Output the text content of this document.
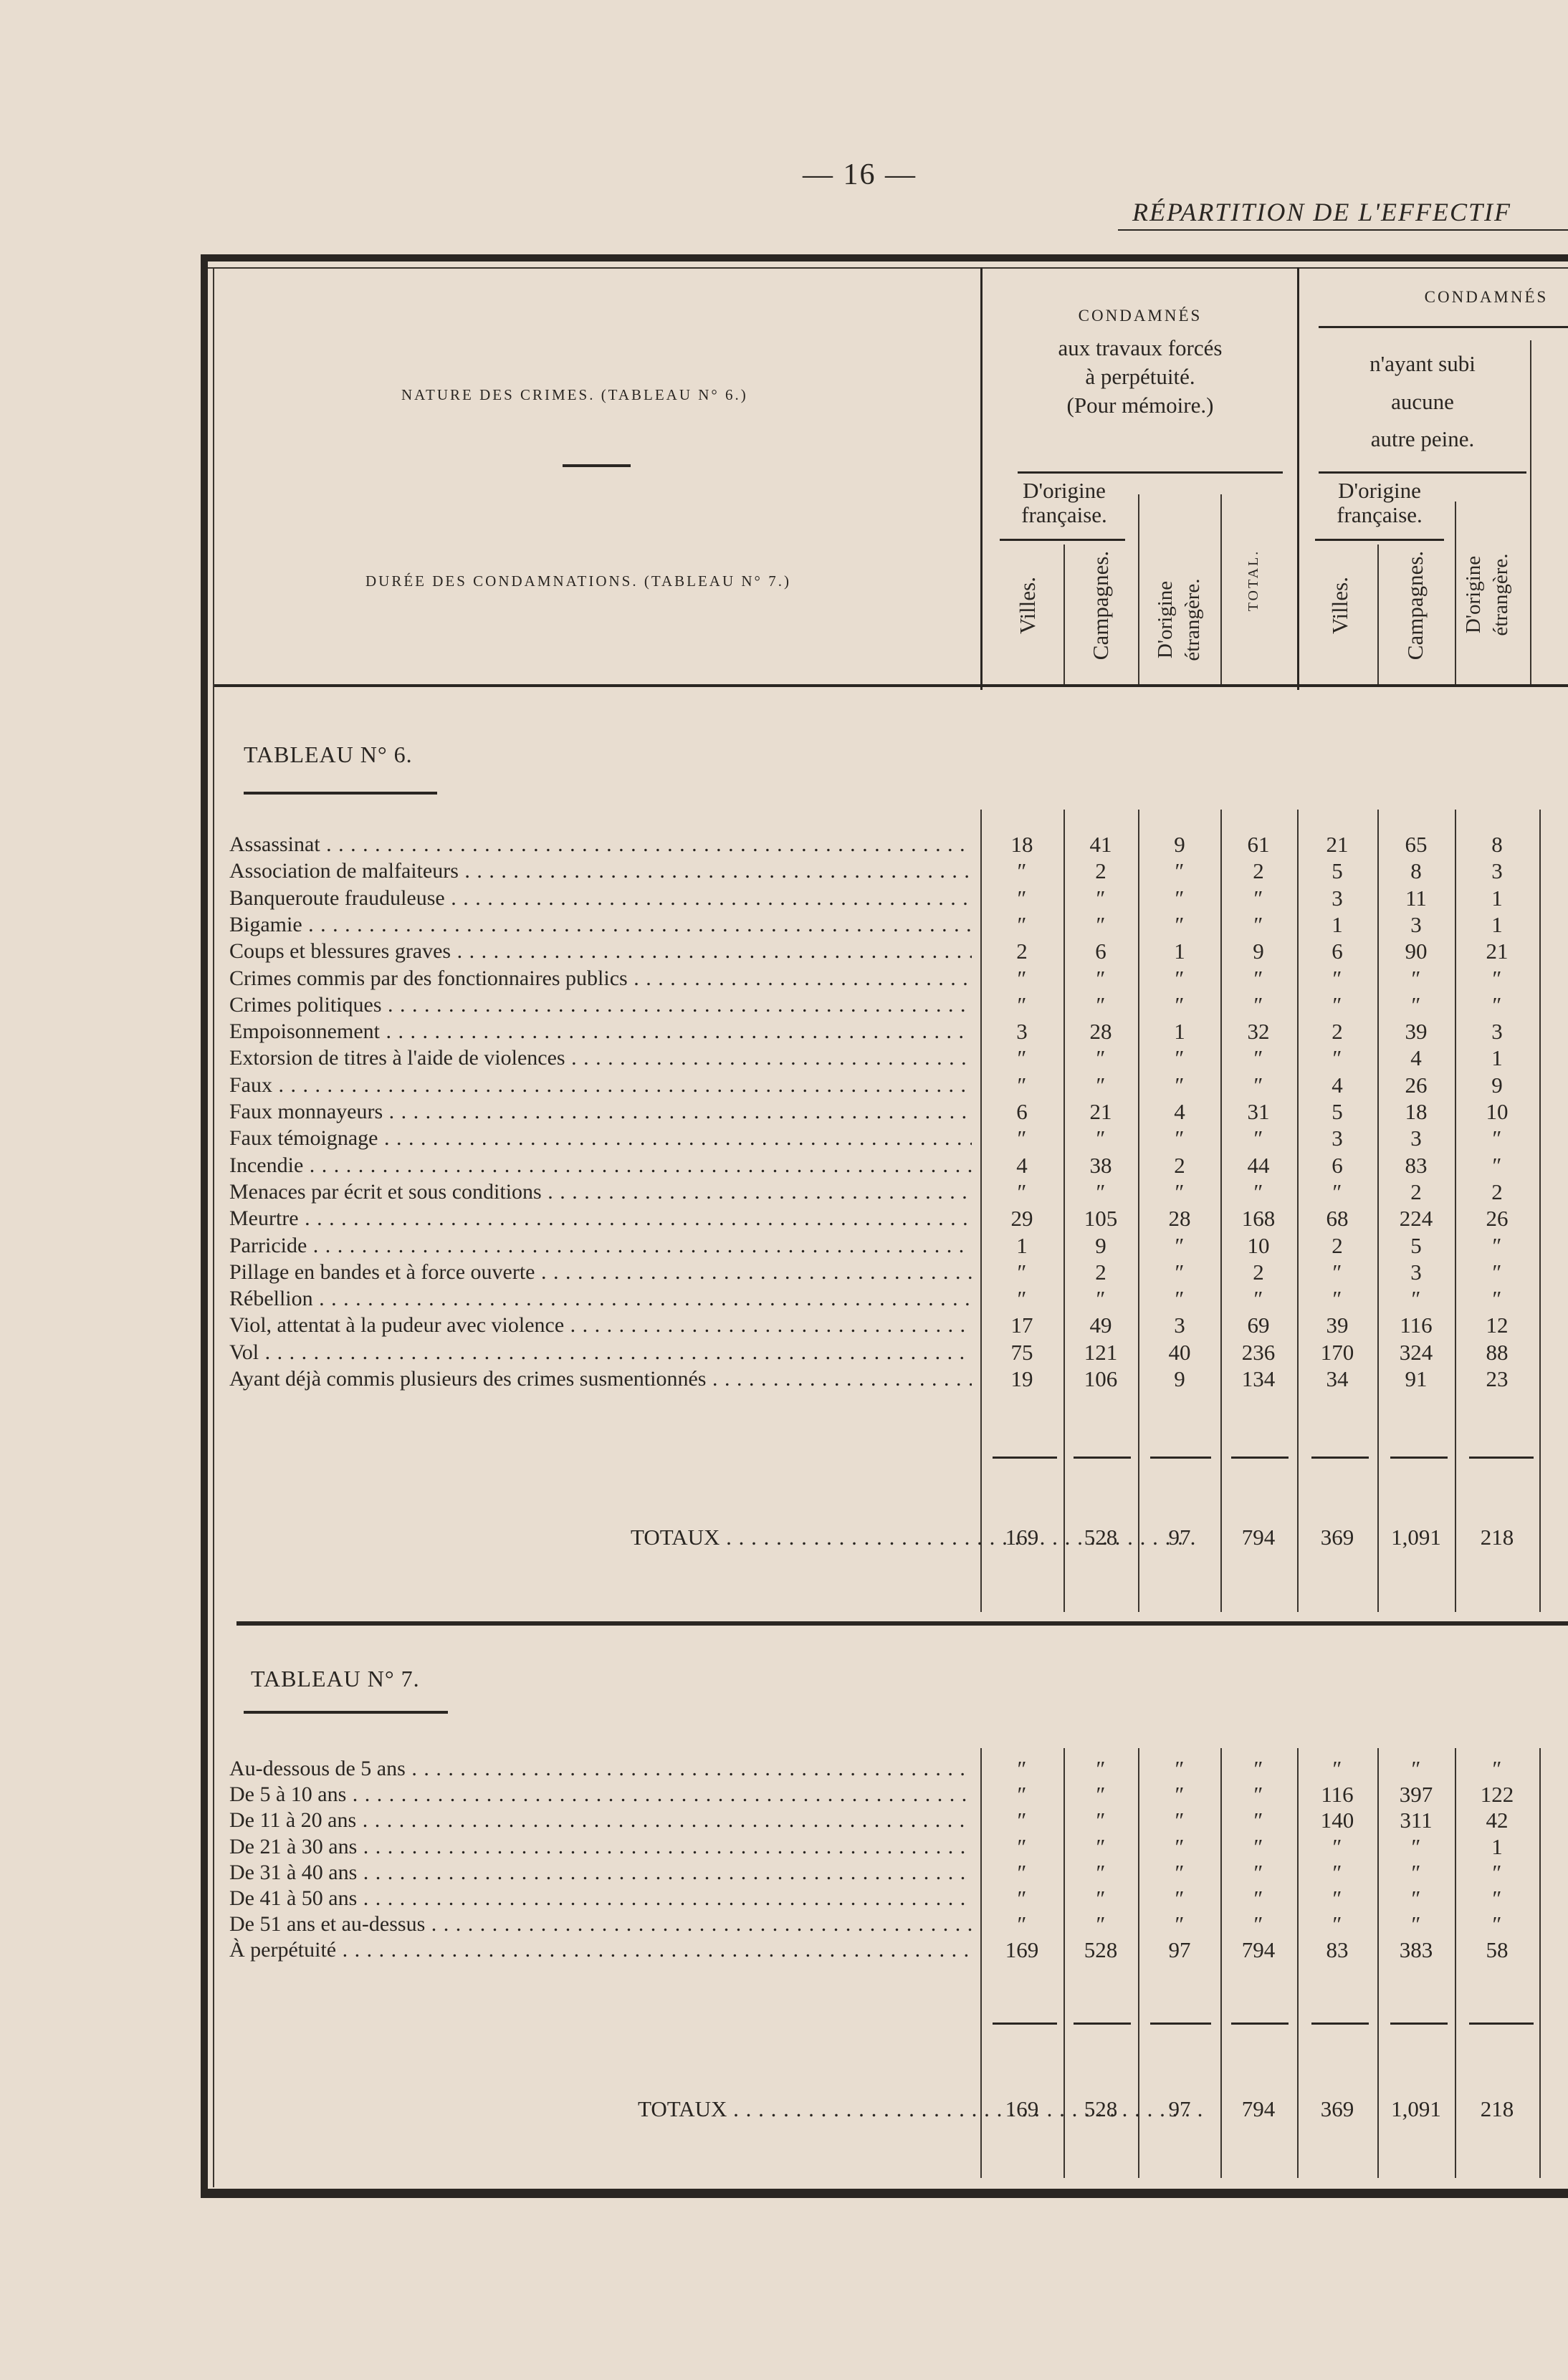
— 16 —
RÉPARTITION DE L'EFFECTIF
NATURE DES CRIMES. (TABLEAU N° 6.)
DURÉE DES CONDAMNATIONS. (TABLEAU N° 7.)
CONDAMNÉS
aux travaux forcés
à perpétuité.
(Pour mémoire.)
D'origine française.
CONDAMNÉS
n'ayant subi
aucune
autre peine.
D'origine française.
Villes. Campagnes. D'origine étrangère.	TOTAL.	Villes. Campagnes. D'origine étrangère.
TABLEAU N° 6.
Assassinat . . .	18	41	9	61	21	65	8
Association de malfaiteurs . . .	″	2	″	2	5	8	3
Banqueroute frauduleuse . . .	″	″	″	″	3	11	1
Bigamie . . .	″	″	″	″	1	3	1
Coups et blessures graves . . .	2	6	1	9	6	90	21
Crimes commis par des fonctionnaires publics . . .	″	″	″	″	″	″	″
Crimes politiques . . .	″	″	″	″	″	″	″
Empoisonnement . . .	3	28	1	32	2	39	3
Extorsion de titres à l'aide de violences . . .	″	″	″	″	″	4	1
Faux . . .	″	″	″	″	4	26	9
Faux monnayeurs . . .	6	21	4	31	5	18	10
Faux témoignage . . .	″	″	″	″	3	3	″
Incendie . . .	4	38	2	44	6	83	″
Menaces par écrit et sous conditions . . .	″	″	″	″	″	2	2
Meurtre . . .	29	105	28	168	68	224	26
Parricide . . .	1	9	″	10	2	5	″
Pillage en bandes et à force ouverte . . .	″	2	″	2	″	3	″
Rébellion . . .	″	″	″	″	″	″	″
Viol, attentat à la pudeur avec violence . . .	17	49	3	69	39	116	12
Vol . . .	75	121	40	236	170	324	88
Ayant déjà commis plusieurs des crimes susmentionnés . . .	19	106	9	134	34	91	23
TOTAUX . . .	169	528	97	794	369	1,091	218
TABLEAU N° 7.
Au-dessous de 5 ans . . .	″	″	″	″	″	″	″
De 5 à 10 ans . . .	″	″	″	″	116	397	122
De 11 à 20 ans . . .	″	″	″	″	140	311	42
De 21 à 30 ans . . .	″	″	″	″	″	″	1
De 31 à 40 ans . . .	″	″	″	″	″	″	″
De 41 à 50 ans . . .	″	″	″	″	″	″	″
De 51 ans et au-dessus . . .	″	″	″	″	″	″	″
À perpétuité . . .	169	528	97	794	83	383	58
TOTAUX . . .	169	528	97	794	369	1,091	218
